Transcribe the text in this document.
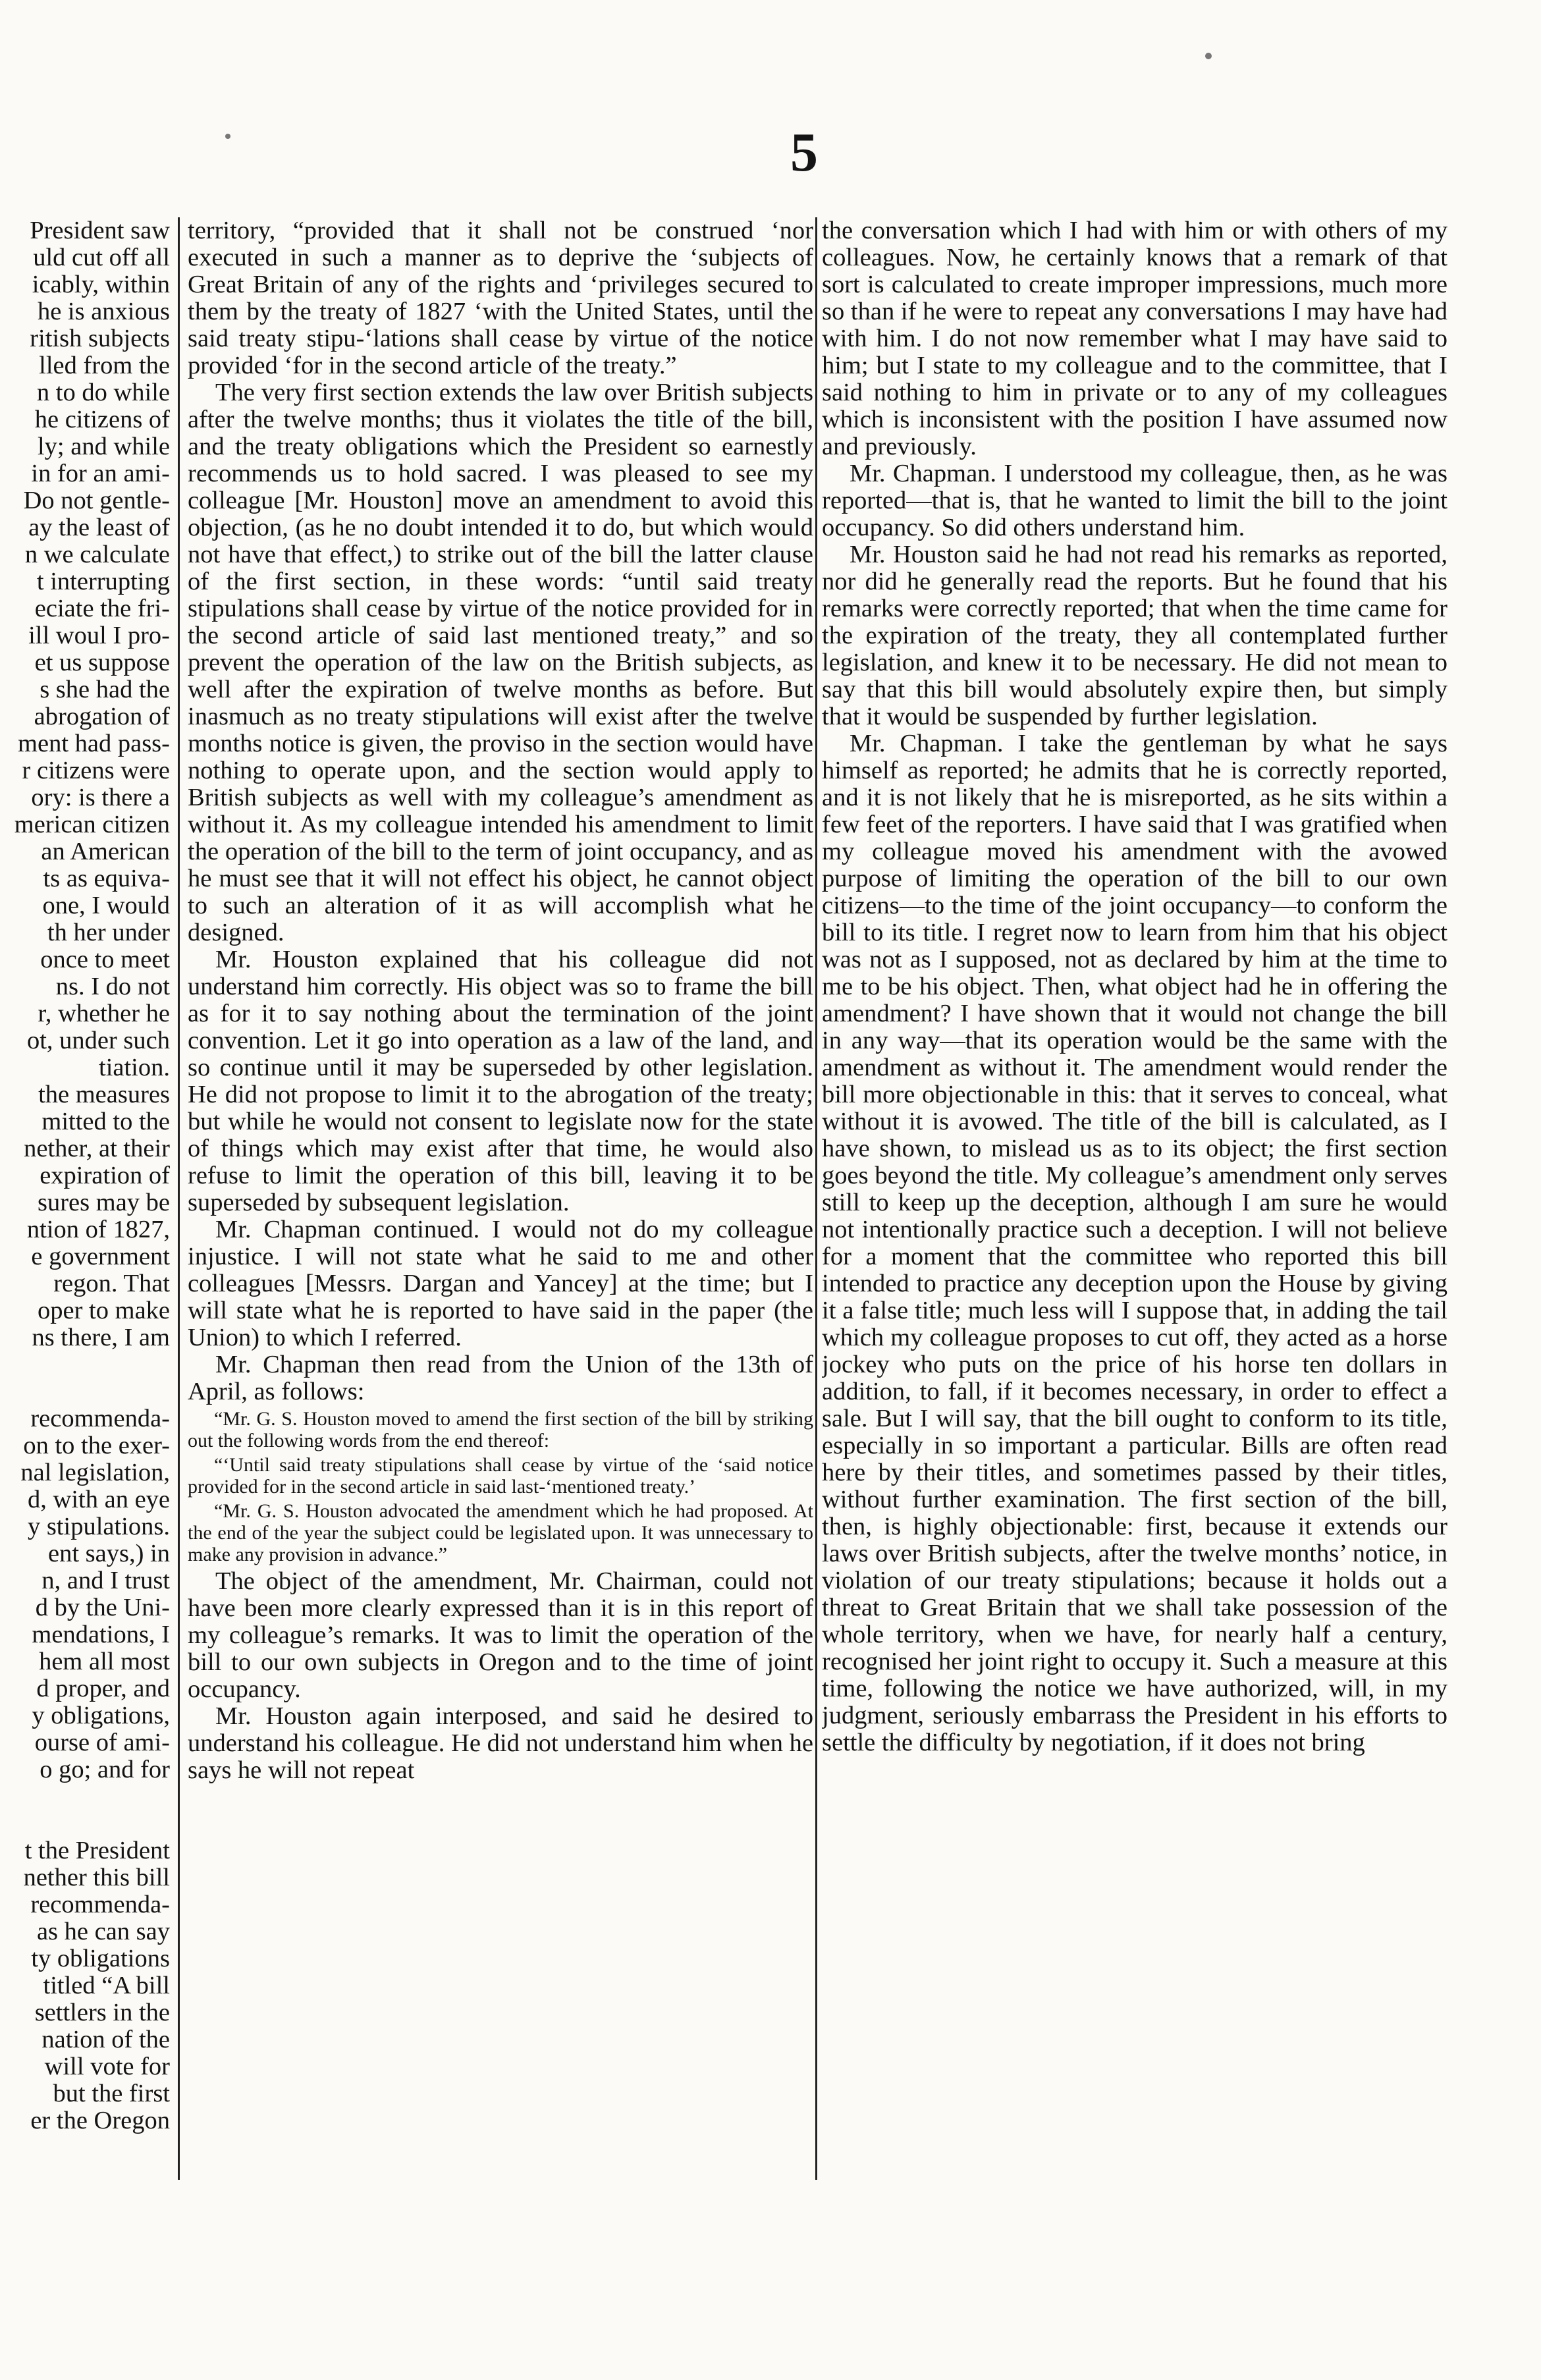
5

President saw

uld cut off all

icably, within

he is anxious

ritish subjects

lled from the

n to do while

he citizens of

ly; and while

in for an ami-

Do not gentle-

ay the least of

n we calculate

t interrupting

eciate the fri-

ill woul I pro-

et us suppose

s she had the

abrogation of

ment had pass-

r citizens were

ory: is there a

merican citizen

an American

ts as equiva-

one, I would

th her under

once to meet

ns. I do not

r, whether he

ot, under such

tiation.

the measures

mitted to the

nether, at their

expiration of

sures may be

ntion of 1827,

e government

regon. That

oper to make

ns there, I am

recommenda-

on to the exer-

nal legislation,

d, with an eye

y stipulations.

ent says,) in

n, and I trust

d by the Uni-

mendations, I

hem all most

d proper, and

y obligations,

ourse of ami-

o go; and for

t the President

nether this bill

recommenda-

as he can say

ty obligations

titled “A bill

settlers in the

nation of the

will vote for

but the first

er the Oregon

territory, “provided that it shall not be construed ‘nor executed in such a manner as to deprive the ‘subjects of Great Britain of any of the rights and ‘privileges secured to them by the treaty of 1827 ‘with the United States, until the said treaty stipu-‘lations shall cease by virtue of the notice provided ‘for in the second article of the treaty.”

The very first section extends the law over British subjects after the twelve months; thus it violates the title of the bill, and the treaty obligations which the President so earnestly recommends us to hold sacred. I was pleased to see my colleague [Mr. Houston] move an amendment to avoid this objection, (as he no doubt intended it to do, but which would not have that effect,) to strike out of the bill the latter clause of the first section, in these words: “until said treaty stipulations shall cease by virtue of the notice provided for in the second article of said last mentioned treaty,” and so prevent the operation of the law on the British subjects, as well after the expiration of twelve months as before. But inasmuch as no treaty stipulations will exist after the twelve months notice is given, the proviso in the section would have nothing to operate upon, and the section would apply to British subjects as well with my colleague’s amendment as without it. As my colleague intended his amendment to limit the operation of the bill to the term of joint occupancy, and as he must see that it will not effect his object, he cannot object to such an alteration of it as will accomplish what he designed.

Mr. Houston explained that his colleague did not understand him correctly. His object was so to frame the bill as for it to say nothing about the termination of the joint convention. Let it go into operation as a law of the land, and so continue until it may be superseded by other legislation. He did not propose to limit it to the abrogation of the treaty; but while he would not consent to legislate now for the state of things which may exist after that time, he would also refuse to limit the operation of this bill, leaving it to be superseded by subsequent legislation.

Mr. Chapman continued. I would not do my colleague injustice. I will not state what he said to me and other colleagues [Messrs. Dargan and Yancey] at the time; but I will state what he is reported to have said in the paper (the Union) to which I referred.

Mr. Chapman then read from the Union of the 13th of April, as follows:

“Mr. G. S. Houston moved to amend the first section of the bill by striking out the following words from the end thereof:

“‘Until said treaty stipulations shall cease by virtue of the ‘said notice provided for in the second article in said last-‘mentioned treaty.’

“Mr. G. S. Houston advocated the amendment which he had proposed. At the end of the year the subject could be legislated upon. It was unnecessary to make any provision in advance.”

The object of the amendment, Mr. Chairman, could not have been more clearly expressed than it is in this report of my colleague’s remarks. It was to limit the operation of the bill to our own subjects in Oregon and to the time of joint occupancy.

Mr. Houston again interposed, and said he desired to understand his colleague. He did not understand him when he says he will not repeat

the conversation which I had with him or with others of my colleagues. Now, he certainly knows that a remark of that sort is calculated to create improper impressions, much more so than if he were to repeat any conversations I may have had with him. I do not now remember what I may have said to him; but I state to my colleague and to the committee, that I said nothing to him in private or to any of my colleagues which is inconsistent with the position I have assumed now and previously.

Mr. Chapman. I understood my colleague, then, as he was reported—that is, that he wanted to limit the bill to the joint occupancy. So did others understand him.

Mr. Houston said he had not read his remarks as reported, nor did he generally read the reports. But he found that his remarks were correctly reported; that when the time came for the expiration of the treaty, they all contemplated further legislation, and knew it to be necessary. He did not mean to say that this bill would absolutely expire then, but simply that it would be suspended by further legislation.

Mr. Chapman. I take the gentleman by what he says himself as reported; he admits that he is correctly reported, and it is not likely that he is misreported, as he sits within a few feet of the reporters. I have said that I was gratified when my colleague moved his amendment with the avowed purpose of limiting the operation of the bill to our own citizens—to the time of the joint occupancy—to conform the bill to its title. I regret now to learn from him that his object was not as I supposed, not as declared by him at the time to me to be his object. Then, what object had he in offering the amendment? I have shown that it would not change the bill in any way—that its operation would be the same with the amendment as without it. The amendment would render the bill more objectionable in this: that it serves to conceal, what without it is avowed. The title of the bill is calculated, as I have shown, to mislead us as to its object; the first section goes beyond the title. My colleague’s amendment only serves still to keep up the deception, although I am sure he would not intentionally practice such a deception. I will not believe for a moment that the committee who reported this bill intended to practice any deception upon the House by giving it a false title; much less will I suppose that, in adding the tail which my colleague proposes to cut off, they acted as a horse jockey who puts on the price of his horse ten dollars in addition, to fall, if it becomes necessary, in order to effect a sale. But I will say, that the bill ought to conform to its title, especially in so important a particular. Bills are often read here by their titles, and sometimes passed by their titles, without further examination. The first section of the bill, then, is highly objectionable: first, because it extends our laws over British subjects, after the twelve months’ notice, in violation of our treaty stipulations; because it holds out a threat to Great Britain that we shall take possession of the whole territory, when we have, for nearly half a century, recognised her joint right to occupy it. Such a measure at this time, following the notice we have authorized, will, in my judgment, seriously embarrass the President in his efforts to settle the difficulty by negotiation, if it does not bring
